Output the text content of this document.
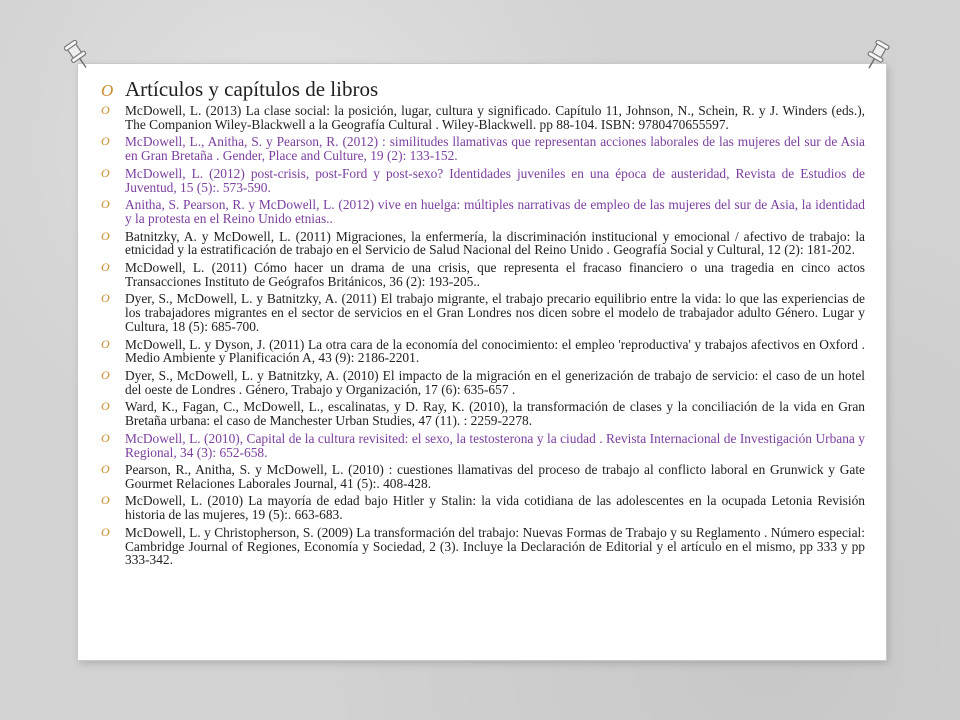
O Artículos y capítulos de libros
O	McDowell, L. (2013) La clase social: la posición, lugar, cultura y significado. Capítulo 11, Johnson, N., Schein, R. y J. Winders (eds.), The Companion Wiley-Blackwell a la Geografía Cultural . Wiley-Blackwell. pp 88-104. ISBN: 9780470655597.
O	McDowell, L., Anitha, S. y Pearson, R. (2012) : similitudes llamativas que representan acciones laborales de las mujeres del sur de Asia en Gran Bretaña . Gender, Place and Culture, 19 (2): 133-152.
O	McDowell, L. (2012) post-crisis, post-Ford y post-sexo? Identidades juveniles en una época de austeridad, Revista de Estudios de Juventud, 15 (5):. 573-590.
O	Anitha, S. Pearson, R. y McDowell, L. (2012) vive en huelga: múltiples narrativas de empleo de las mujeres del sur de Asia, la identidad y la protesta en el Reino Unido etnias..
O	Batnitzky, A. y McDowell, L. (2011) Migraciones, la enfermería, la discriminación institucional y emocional / afectivo de trabajo: la etnicidad y la estratificación de trabajo en el Servicio de Salud Nacional del Reino Unido . Geografía Social y Cultural, 12 (2): 181-202.
O	McDowell, L. (2011) Cómo hacer un drama de una crisis, que representa el fracaso financiero o una tragedia en cinco actos Transacciones Instituto de Geógrafos Británicos, 36 (2): 193-205..
O	Dyer, S., McDowell, L. y Batnitzky, A. (2011) El trabajo migrante, el trabajo precario equilibrio entre la vida: lo que las experiencias de los trabajadores migrantes en el sector de servicios en el Gran Londres nos dicen sobre el modelo de trabajador adulto Género. Lugar y Cultura, 18 (5): 685-700.
O	McDowell, L. y Dyson, J. (2011) La otra cara de la economía del conocimiento: el empleo 'reproductiva' y trabajos afectivos en Oxford . Medio Ambiente y Planificación A, 43 (9): 2186-2201.
O	Dyer, S., McDowell, L. y Batnitzky, A. (2010) El impacto de la migración en el generización de trabajo de servicio: el caso de un hotel del oeste de Londres . Género, Trabajo y Organización, 17 (6): 635-657 .
O	Ward, K., Fagan, C., McDowell, L., escalinatas, y D. Ray, K. (2010), la transformación de clases y la conciliación de la vida en Gran Bretaña urbana: el caso de Manchester Urban Studies, 47 (11). : 2259-2278.
O	McDowell, L. (2010), Capital de la cultura revisited: el sexo, la testosterona y la ciudad . Revista Internacional de Investigación Urbana y Regional, 34 (3): 652-658.
O	Pearson, R., Anitha, S. y McDowell, L. (2010) : cuestiones llamativas del proceso de trabajo al conflicto laboral en Grunwick y Gate Gourmet Relaciones Laborales Journal, 41 (5):. 408-428.
O	McDowell, L. (2010) La mayoría de edad bajo Hitler y Stalin: la vida cotidiana de las adolescentes en la ocupada Letonia Revisión historia de las mujeres, 19 (5):. 663-683.
O	McDowell, L. y Christopherson, S. (2009) La transformación del trabajo: Nuevas Formas de Trabajo y su Reglamento . Número especial: Cambridge Journal of Regiones, Economía y Sociedad, 2 (3). Incluye la Declaración de Editorial y el artículo en el mismo, pp 333 y pp 333-342.
